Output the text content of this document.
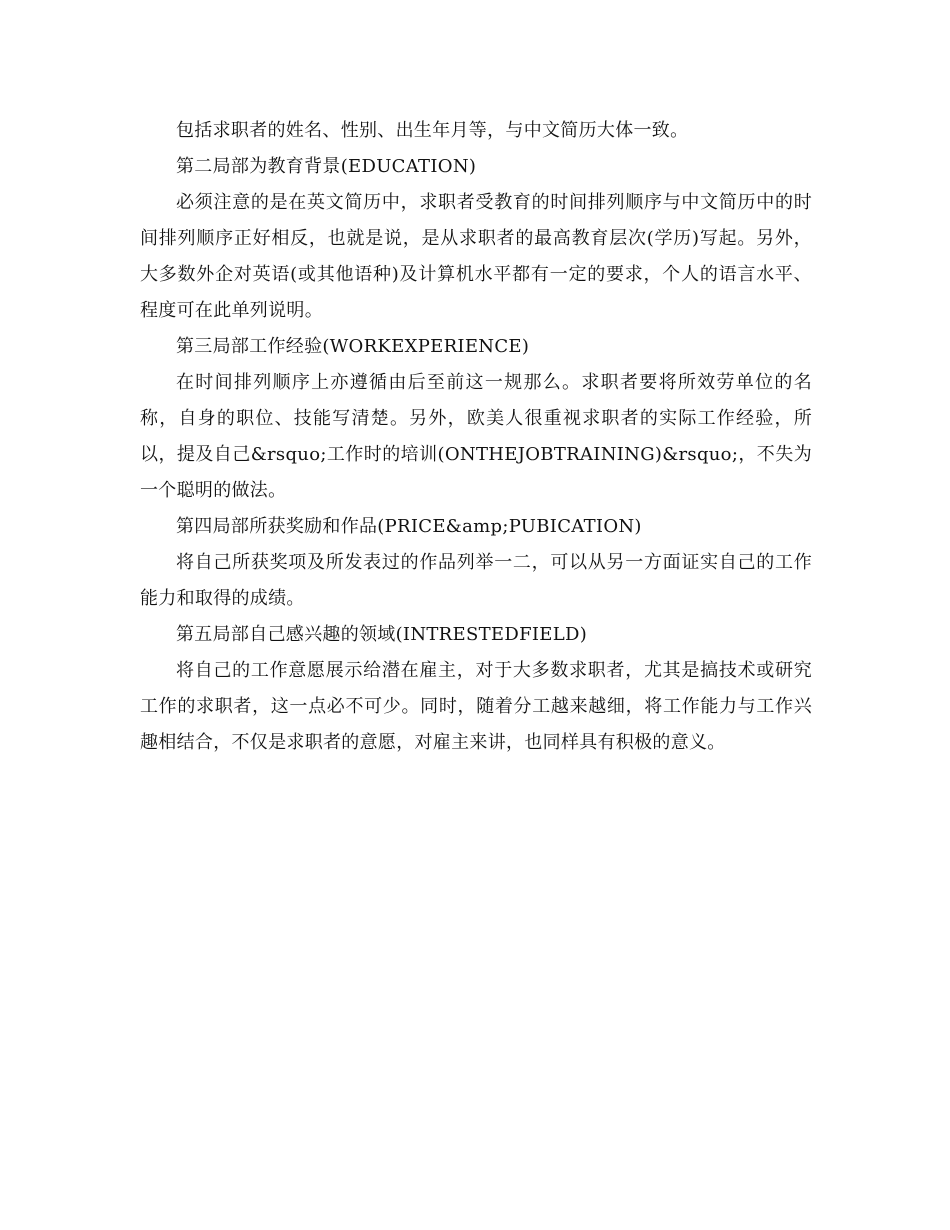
包括求职者的姓名、性别、出生年月等，与中文简历大体一致。

第二局部为教育背景(EDUCATION)

必须注意的是在英文简历中，求职者受教育的时间排列顺序与中文简历中的时间排列顺序正好相反，也就是说，是从求职者的最高教育层次(学历)写起。另外，大多数外企对英语(或其他语种)及计算机水平都有一定的要求，个人的语言水平、程度可在此单列说明。

第三局部工作经验(WORKEXPERIENCE)

在时间排列顺序上亦遵循由后至前这一规那么。求职者要将所效劳单位的名称，自身的职位、技能写清楚。另外，欧美人很重视求职者的实际工作经验，所以，提及自己&rsquo;工作时的培训(ONTHEJOBTRAINING)&rsquo;，不失为一个聪明的做法。

第四局部所获奖励和作品(PRICE&amp;PUBICATION)

将自己所获奖项及所发表过的作品列举一二，可以从另一方面证实自己的工作能力和取得的成绩。

第五局部自己感兴趣的领域(INTRESTEDFIELD)

将自己的工作意愿展示给潜在雇主，对于大多数求职者，尤其是搞技术或研究工作的求职者，这一点必不可少。同时，随着分工越来越细，将工作能力与工作兴趣相结合，不仅是求职者的意愿，对雇主来讲，也同样具有积极的意义。
